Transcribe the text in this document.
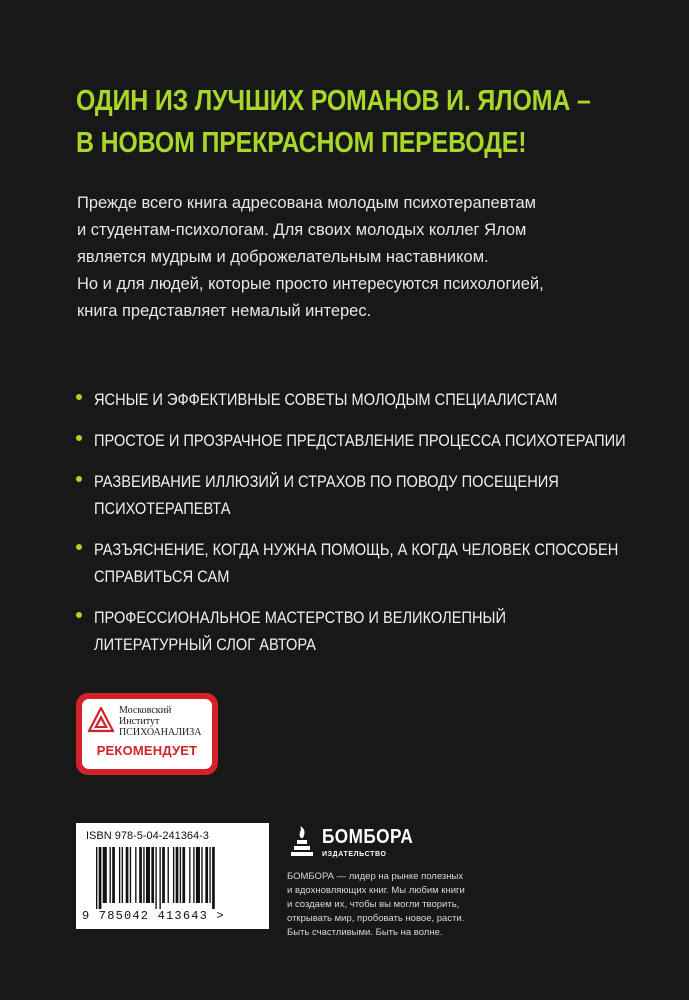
ОДИН ИЗ ЛУЧШИХ РОМАНОВ И. ЯЛОМА –
В НОВОМ ПРЕКРАСНОМ ПЕРЕВОДЕ!

Прежде всего книга адресована молодым психотерапевтам

и студентам-психологам. Для своих молодых коллег Ялом

является мудрым и доброжелательным наставником.

Но и для людей, которые просто интересуются психологией,

книга представляет немалый интерес.

ЯСНЫЕ И ЭФФЕКТИВНЫЕ СОВЕТЫ МОЛОДЫМ СПЕЦИАЛИСТАМ
ПРОСТОЕ И ПРОЗРАЧНОЕ ПРЕДСТАВЛЕНИЕ ПРОЦЕССА ПСИХОТЕРАПИИ
РАЗВЕИВАНИЕ ИЛЛЮЗИЙ И СТРАХОВ ПО ПОВОДУ ПОСЕЩЕНИЯ
ПСИХОТЕРАПЕВТА
РАЗЪЯСНЕНИЕ, КОГДА НУЖНА ПОМОЩЬ, А КОГДА ЧЕЛОВЕК СПОСОБЕН
СПРАВИТЬСЯ САМ
ПРОФЕССИОНАЛЬНОЕ МАСТЕРСТВО И ВЕЛИКОЛЕПНЫЙ
ЛИТЕРАТУРНЫЙ СЛОГ АВТОРА
Московский
Институт
ПСИХОАНАЛИЗА
РЕКОМЕНДУЕТ
ISBN 978-5-04-241364-3
9 785042 413643 >
БОМБОРА
ИЗДАТЕЛЬСТВО

БОМБОРА — лидер на рынке полезных

и вдохновляющих книг. Мы любим книги

и создаем их, чтобы вы могли творить,

открывать мир, пробовать новое, расти.

Быть счастливыми. Быть на волне.
